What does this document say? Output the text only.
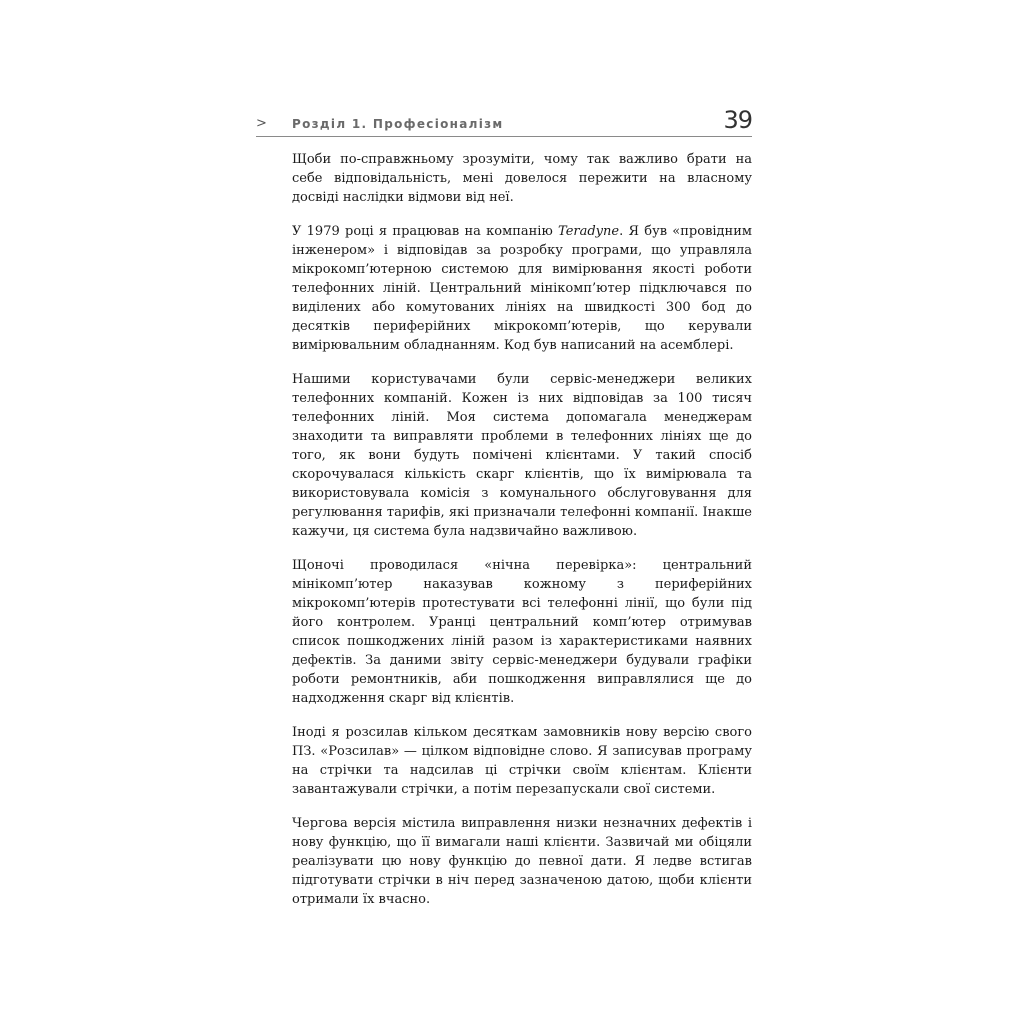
> Розділ 1. Професіоналізм	39

Щоби по-справжньому зрозуміти, чому так важливо брати на себе відповідальність, мені довелося пережити на власному досвіді наслідки відмови від неї.

У 1979 році я працював на компанію Teradyne. Я був «провідним інженером» і відповідав за розробку програми, що управляла мікрокомп’ютерною системою для вимірювання якості роботи телефонних ліній. Центральний мінікомп’ютер підключався по виділених або комутованих лініях на швидкості 300 бод до десятків периферійних мікрокомп’ютерів, що керували вимірювальним обладнанням. Код був написаний на асемблері.

Нашими користувачами були сервіс-менеджери великих телефонних компаній. Кожен із них відповідав за 100 тисяч телефонних ліній. Моя система допомагала менеджерам знаходити та виправляти проблеми в телефонних лініях ще до того, як вони будуть помічені клієнтами. У такий спосіб скорочувалася кількість скарг клієнтів, що їх вимірювала та використовувала комісія з комунального обслуговування для регулювання тарифів, які призначали телефонні компанії. Інакше кажучи, ця система була надзвичайно важливою.

Щоночі проводилася «нічна перевірка»: центральний мінікомп’ютер наказував кожному з периферійних мікрокомп’ютерів протестувати всі телефонні лінії, що були під його контролем. Уранці центральний комп’ютер отримував список пошкоджених ліній разом із характеристиками наявних дефектів. За даними звіту сервіс-менеджери будували графіки роботи ремонтників, аби пошкодження виправлялися ще до надходження скарг від клієнтів.

Іноді я розсилав кільком десяткам замовників нову версію свого ПЗ. «Розсилав» — цілком відповідне слово. Я записував програму на стрічки та надсилав ці стрічки своїм клієнтам. Клієнти завантажували стрічки, а потім перезапускали свої системи.

Чергова версія містила виправлення низки незначних дефектів і нову функцію, що її вимагали наші клієнти. Зазвичай ми обіцяли реалізувати цю нову функцію до певної дати. Я ледве встигав підготувати стрічки в ніч перед зазначеною датою, щоби клієнти отримали їх вчасно.
